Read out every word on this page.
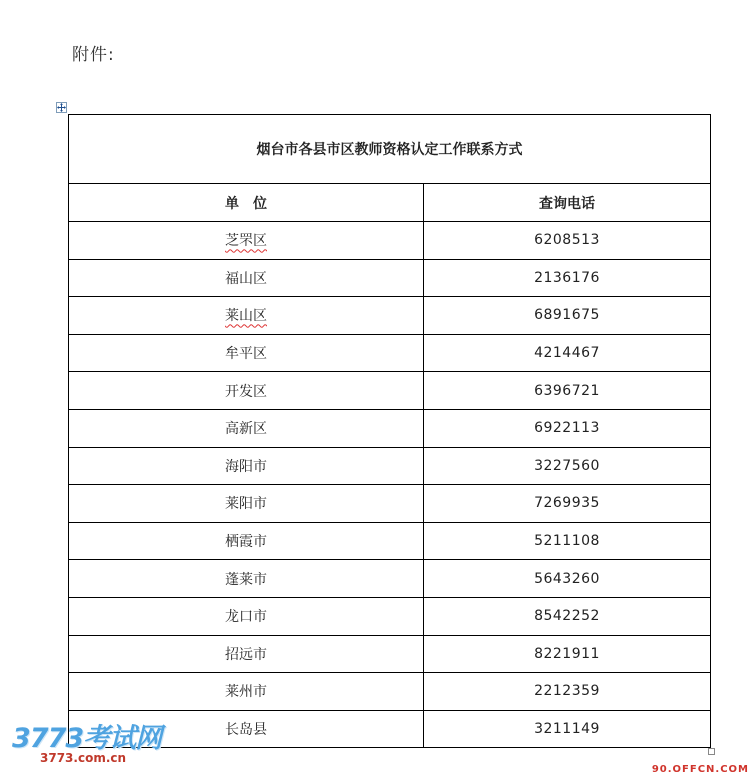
附件:
烟台市各县市区教师资格认定工作联系方式	
单　位	查询电话
芝罘区	6208513
福山区	2136176
莱山区	6891675
牟平区	4214467
开发区	6396721
高新区	6922113
海阳市	3227560
莱阳市	7269935
栖霞市	5211108
蓬莱市	5643260
龙口市	8542252
招远市	8221911
莱州市	2212359
长岛县	3211149
3773考试网
3773.com.cn
90.OFFCN.COM
